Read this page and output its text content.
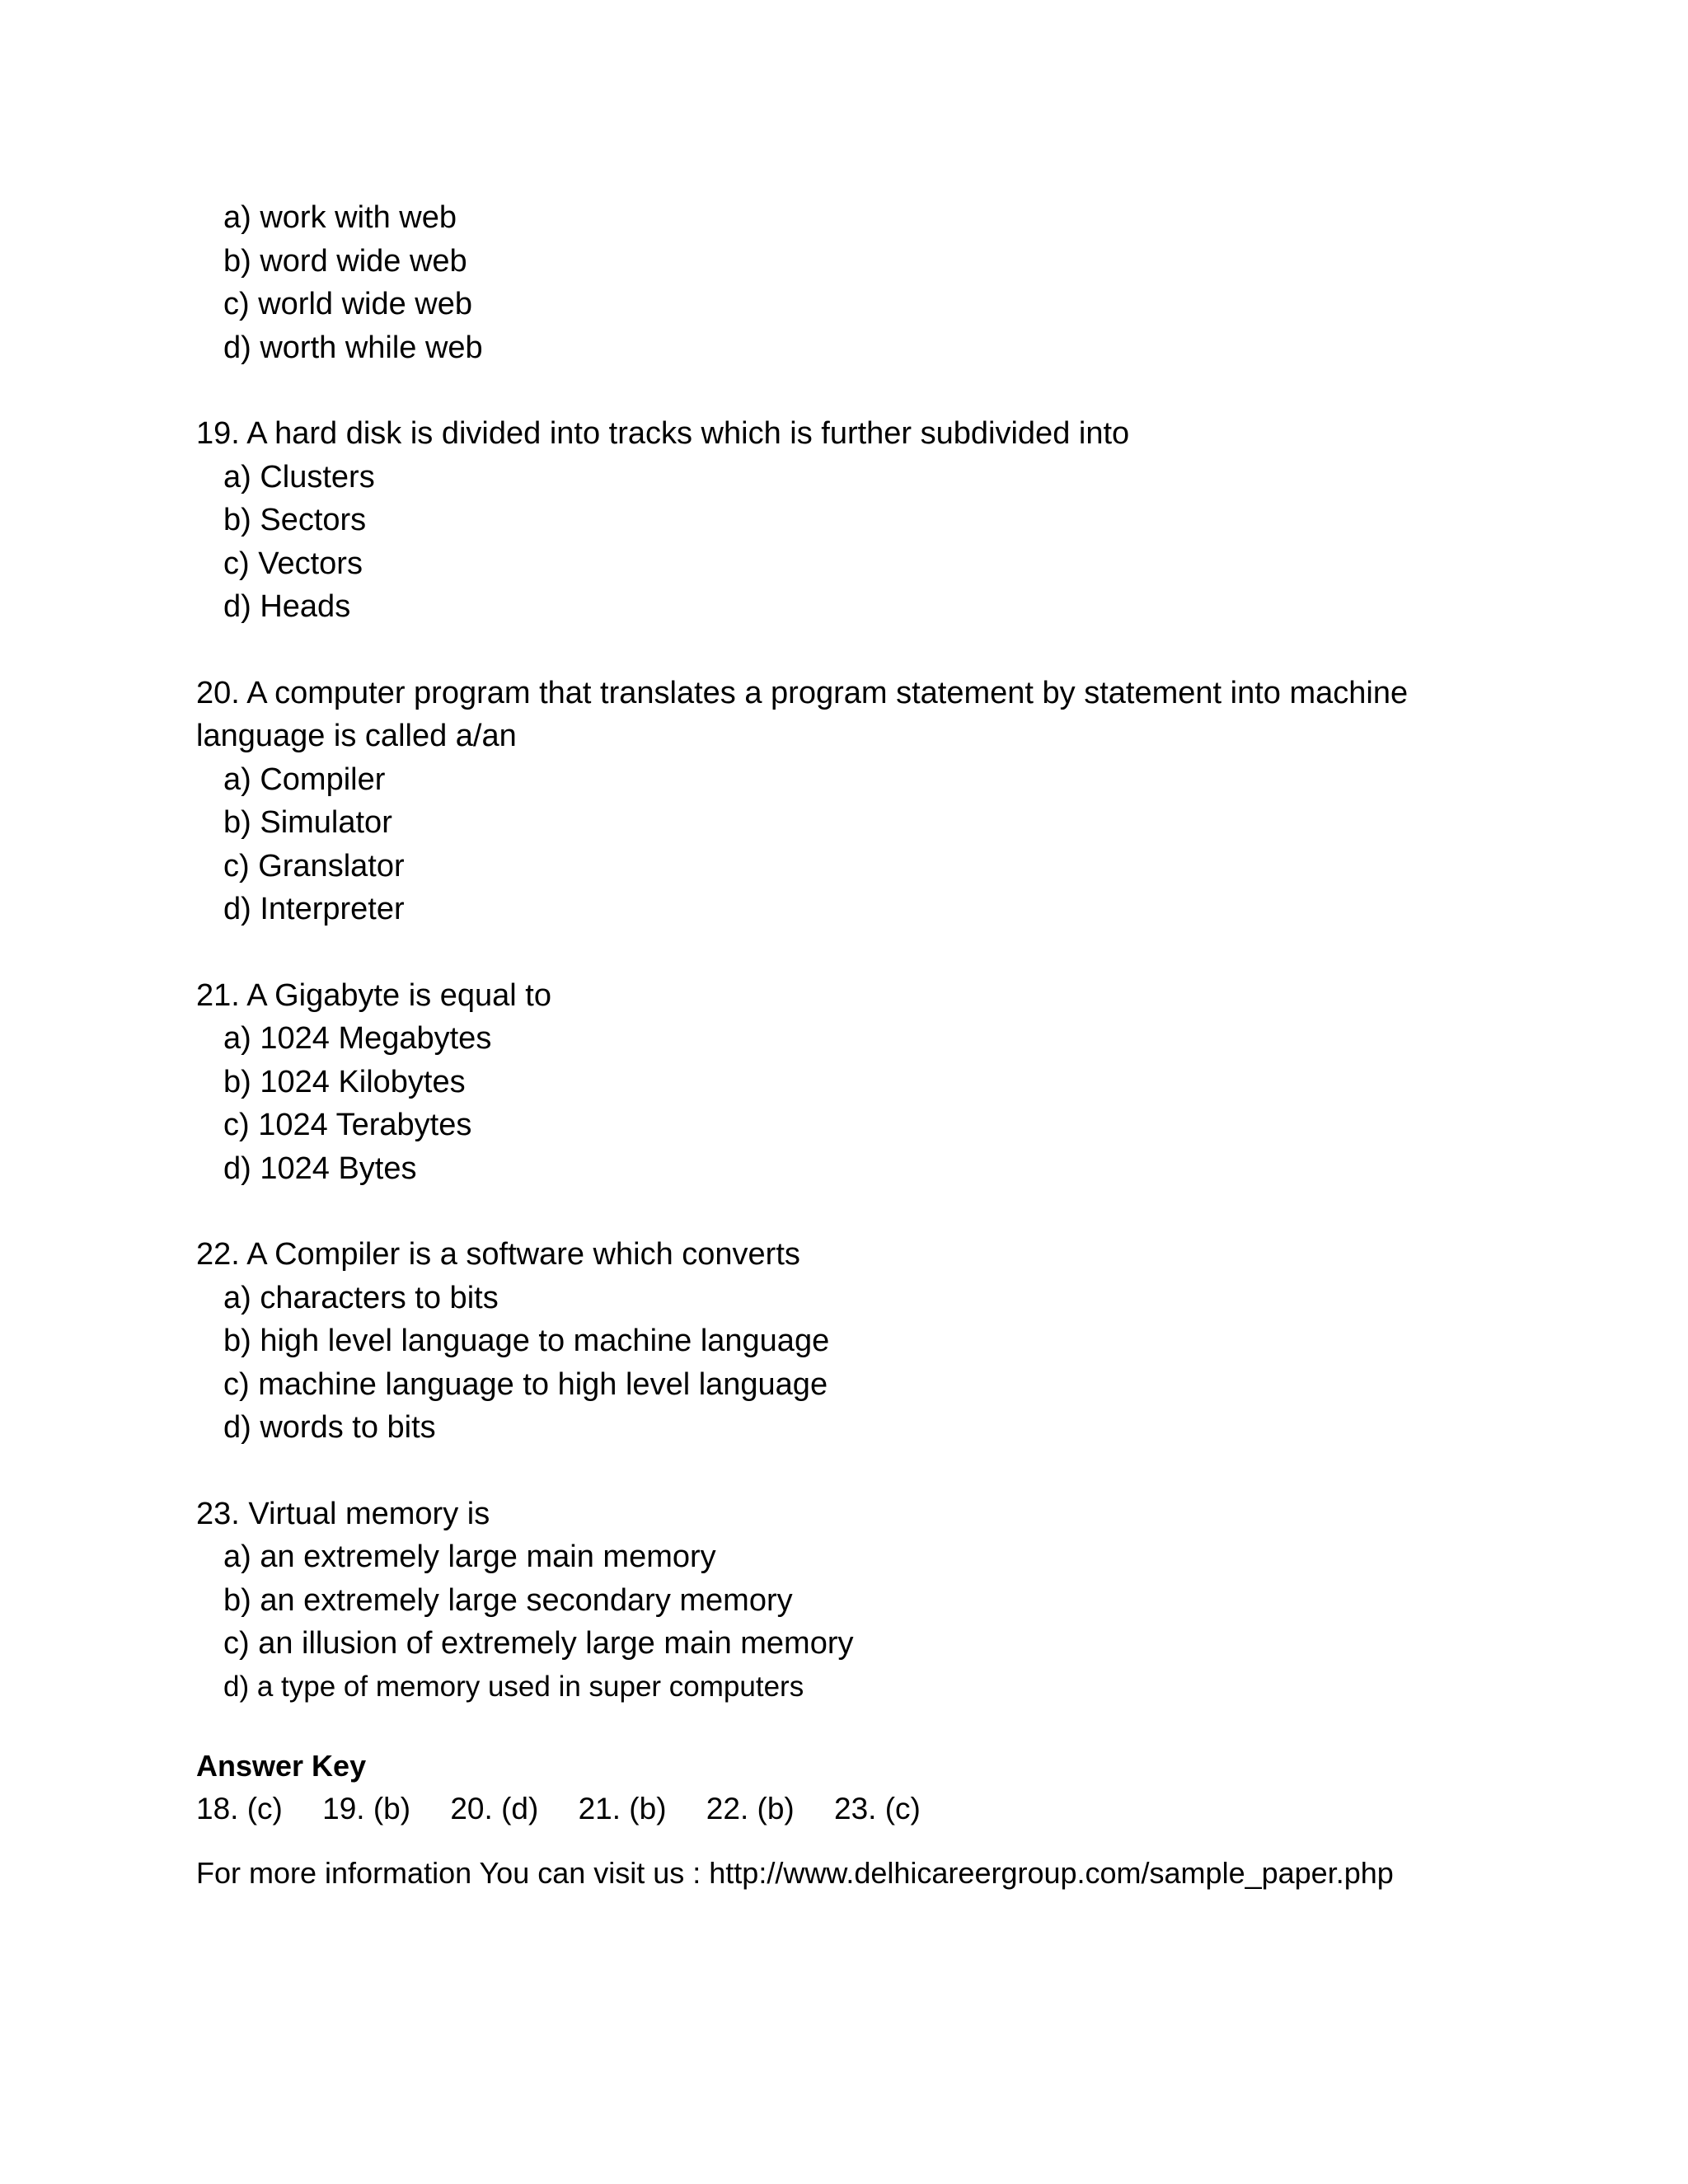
a) work with web
b) word wide web
c) world wide web
d) worth while web
19. A hard disk is divided into tracks which is further subdivided into
a) Clusters
b) Sectors
c) Vectors
d) Heads
20. A computer program that translates a program statement by statement into machine language is called a/an
a) Compiler
b) Simulator
c) Granslator
d) Interpreter
21. A Gigabyte is equal to
a) 1024 Megabytes
b) 1024 Kilobytes
c) 1024 Terabytes
d) 1024 Bytes
22. A Compiler is a software which converts
a) characters to bits
b) high level language to machine language
c) machine language to high level language
d) words to bits
23. Virtual memory is
a) an extremely large main memory
b) an extremely large secondary memory
c) an illusion of extremely large main memory
d) a type of memory used in super computers
Answer Key
18. (c) 19. (b) 20. (d) 21. (b) 22. (b) 23. (c)
For more information You can visit us : http://www.delhicareergroup.com/sample_paper.php
